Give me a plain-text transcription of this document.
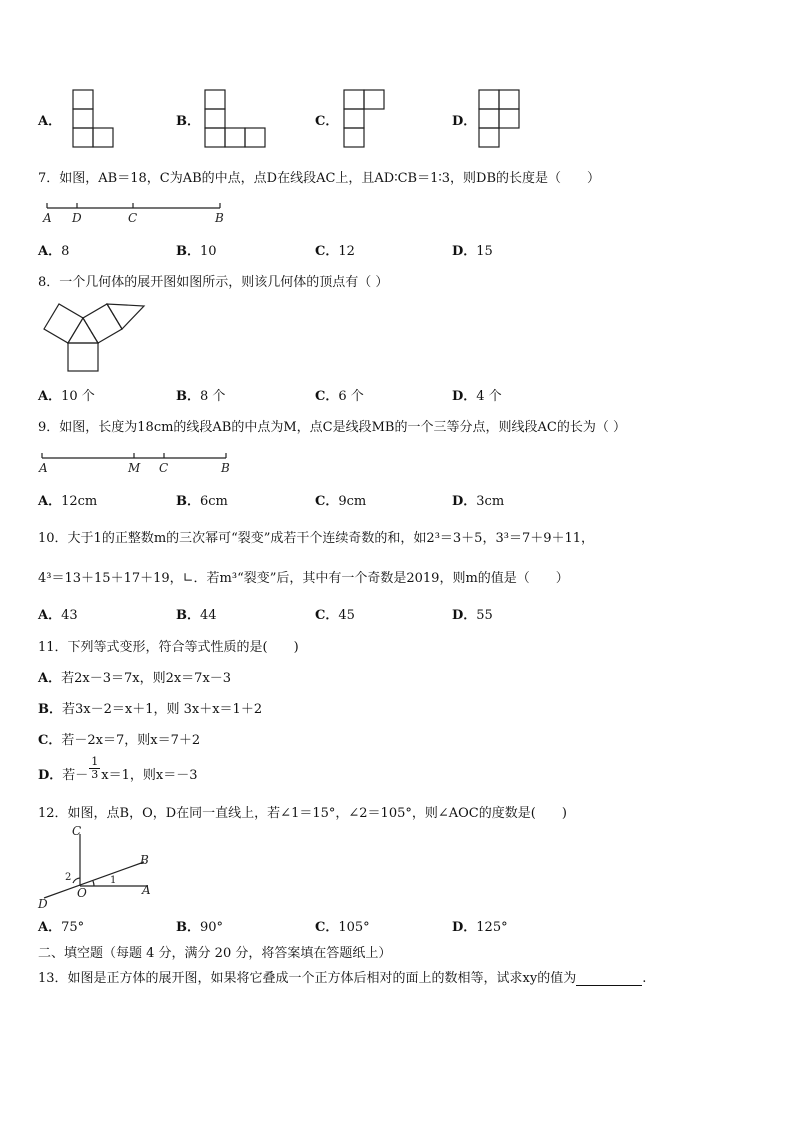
A．	B．	C．	D．
7．如图，AB＝18，C为AB的中点，点D在线段AC上，且AD∶CB＝1∶3，则DB的长度是（　　）
A D	C	B
A．8	B．10	C．12	D．15
8．一个几何体的展开图如图所示，则该几何体的顶点有（ ）
A．10 个	B．8 个	C．6 个	D．4 个
9．如图，长度为18cm的线段AB的中点为M，点C是线段MB的一个三等分点，则线段AC的长为（ ）
A	M C	B
A．12cm	B．6cm	C．9cm	D．3cm
10．大于1的正整数m的三次幂可“裂变”成若干个连续奇数的和，如2³＝3＋5，3³＝7＋9＋11，
4³＝13＋15＋17＋19，∟．若m³“裂变”后，其中有一个奇数是2019，则m的值是（　　）
A．43	B．44	C．45	D．55
11．下列等式变形，符合等式性质的是(　　)
A．若2x－3＝7x，则2x＝7x－3
B．若3x－2＝x＋1，则 3x＋x＝1＋2
C．若－2x＝7，则x＝7＋2
D．若－ $\frac{1}{3} x=1$，则x＝－3
12．如图，点B，O，D在同一直线上，若∠1＝15°，∠2＝105°，则∠AOC的度数是(　　)
C
B
2
O
1
A
D
A．75°	B．90°	C．105°	D．125°
二、填空题（每题 4 分，满分 20 分，将答案填在答题纸上）
13．如图是正方体的展开图，如果将它叠成一个正方体后相对的面上的数相等，试求xy的值为	.
